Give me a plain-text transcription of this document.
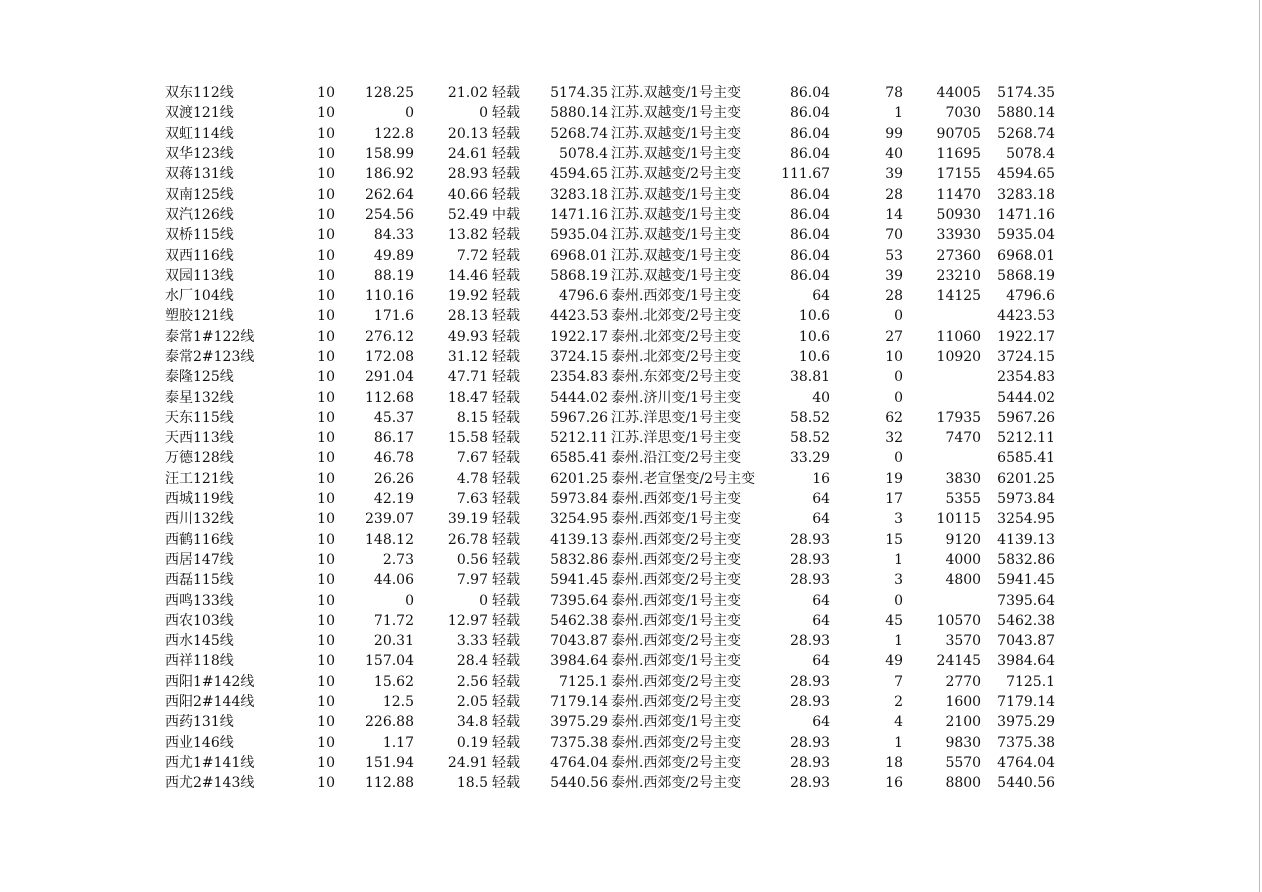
双东112线	10	128.25	21.02	轻载	5174.35	江苏.双越变/1号主变	86.04	78	44005	5174.35
双渡121线	10	0	0	轻载	5880.14	江苏.双越变/1号主变	86.04	1	7030	5880.14
双虹114线	10	122.8	20.13	轻载	5268.74	江苏.双越变/1号主变	86.04	99	90705	5268.74
双华123线	10	158.99	24.61	轻载	5078.4	江苏.双越变/1号主变	86.04	40	11695	5078.4
双蒋131线	10	186.92	28.93	轻载	4594.65	江苏.双越变/2号主变	111.67	39	17155	4594.65
双南125线	10	262.64	40.66	轻载	3283.18	江苏.双越变/1号主变	86.04	28	11470	3283.18
双汽126线	10	254.56	52.49	中载	1471.16	江苏.双越变/1号主变	86.04	14	50930	1471.16
双桥115线	10	84.33	13.82	轻载	5935.04	江苏.双越变/1号主变	86.04	70	33930	5935.04
双西116线	10	49.89	7.72	轻载	6968.01	江苏.双越变/1号主变	86.04	53	27360	6968.01
双园113线	10	88.19	14.46	轻载	5868.19	江苏.双越变/1号主变	86.04	39	23210	5868.19
水厂104线	10	110.16	19.92	轻载	4796.6	泰州.西郊变/1号主变	64	28	14125	4796.6
塑胶121线	10	171.6	28.13	轻载	4423.53	泰州.北郊变/2号主变	10.6	0		4423.53
泰常1#122线	10	276.12	49.93	轻载	1922.17	泰州.北郊变/2号主变	10.6	27	11060	1922.17
泰常2#123线	10	172.08	31.12	轻载	3724.15	泰州.北郊变/2号主变	10.6	10	10920	3724.15
泰隆125线	10	291.04	47.71	轻载	2354.83	泰州.东郊变/2号主变	38.81	0		2354.83
泰星132线	10	112.68	18.47	轻载	5444.02	泰州.济川变/1号主变	40	0		5444.02
天东115线	10	45.37	8.15	轻载	5967.26	江苏.洋思变/1号主变	58.52	62	17935	5967.26
天西113线	10	86.17	15.58	轻载	5212.11	江苏.洋思变/1号主变	58.52	32	7470	5212.11
万德128线	10	46.78	7.67	轻载	6585.41	泰州.沿江变/2号主变	33.29	0		6585.41
汪工121线	10	26.26	4.78	轻载	6201.25	泰州.老宣堡变/2号主变	16	19	3830	6201.25
西城119线	10	42.19	7.63	轻载	5973.84	泰州.西郊变/1号主变	64	17	5355	5973.84
西川132线	10	239.07	39.19	轻载	3254.95	泰州.西郊变/1号主变	64	3	10115	3254.95
西鹤116线	10	148.12	26.78	轻载	4139.13	泰州.西郊变/2号主变	28.93	15	9120	4139.13
西居147线	10	2.73	0.56	轻载	5832.86	泰州.西郊变/2号主变	28.93	1	4000	5832.86
西磊115线	10	44.06	7.97	轻载	5941.45	泰州.西郊变/2号主变	28.93	3	4800	5941.45
西鸣133线	10	0	0	轻载	7395.64	泰州.西郊变/1号主变	64	0		7395.64
西农103线	10	71.72	12.97	轻载	5462.38	泰州.西郊变/1号主变	64	45	10570	5462.38
西水145线	10	20.31	3.33	轻载	7043.87	泰州.西郊变/2号主变	28.93	1	3570	7043.87
西祥118线	10	157.04	28.4	轻载	3984.64	泰州.西郊变/1号主变	64	49	24145	3984.64
西阳1#142线	10	15.62	2.56	轻载	7125.1	泰州.西郊变/2号主变	28.93	7	2770	7125.1
西阳2#144线	10	12.5	2.05	轻载	7179.14	泰州.西郊变/2号主变	28.93	2	1600	7179.14
西药131线	10	226.88	34.8	轻载	3975.29	泰州.西郊变/1号主变	64	4	2100	3975.29
西业146线	10	1.17	0.19	轻载	7375.38	泰州.西郊变/2号主变	28.93	1	9830	7375.38
西尤1#141线	10	151.94	24.91	轻载	4764.04	泰州.西郊变/2号主变	28.93	18	5570	4764.04
西尤2#143线	10	112.88	18.5	轻载	5440.56	泰州.西郊变/2号主变	28.93	16	8800	5440.56
